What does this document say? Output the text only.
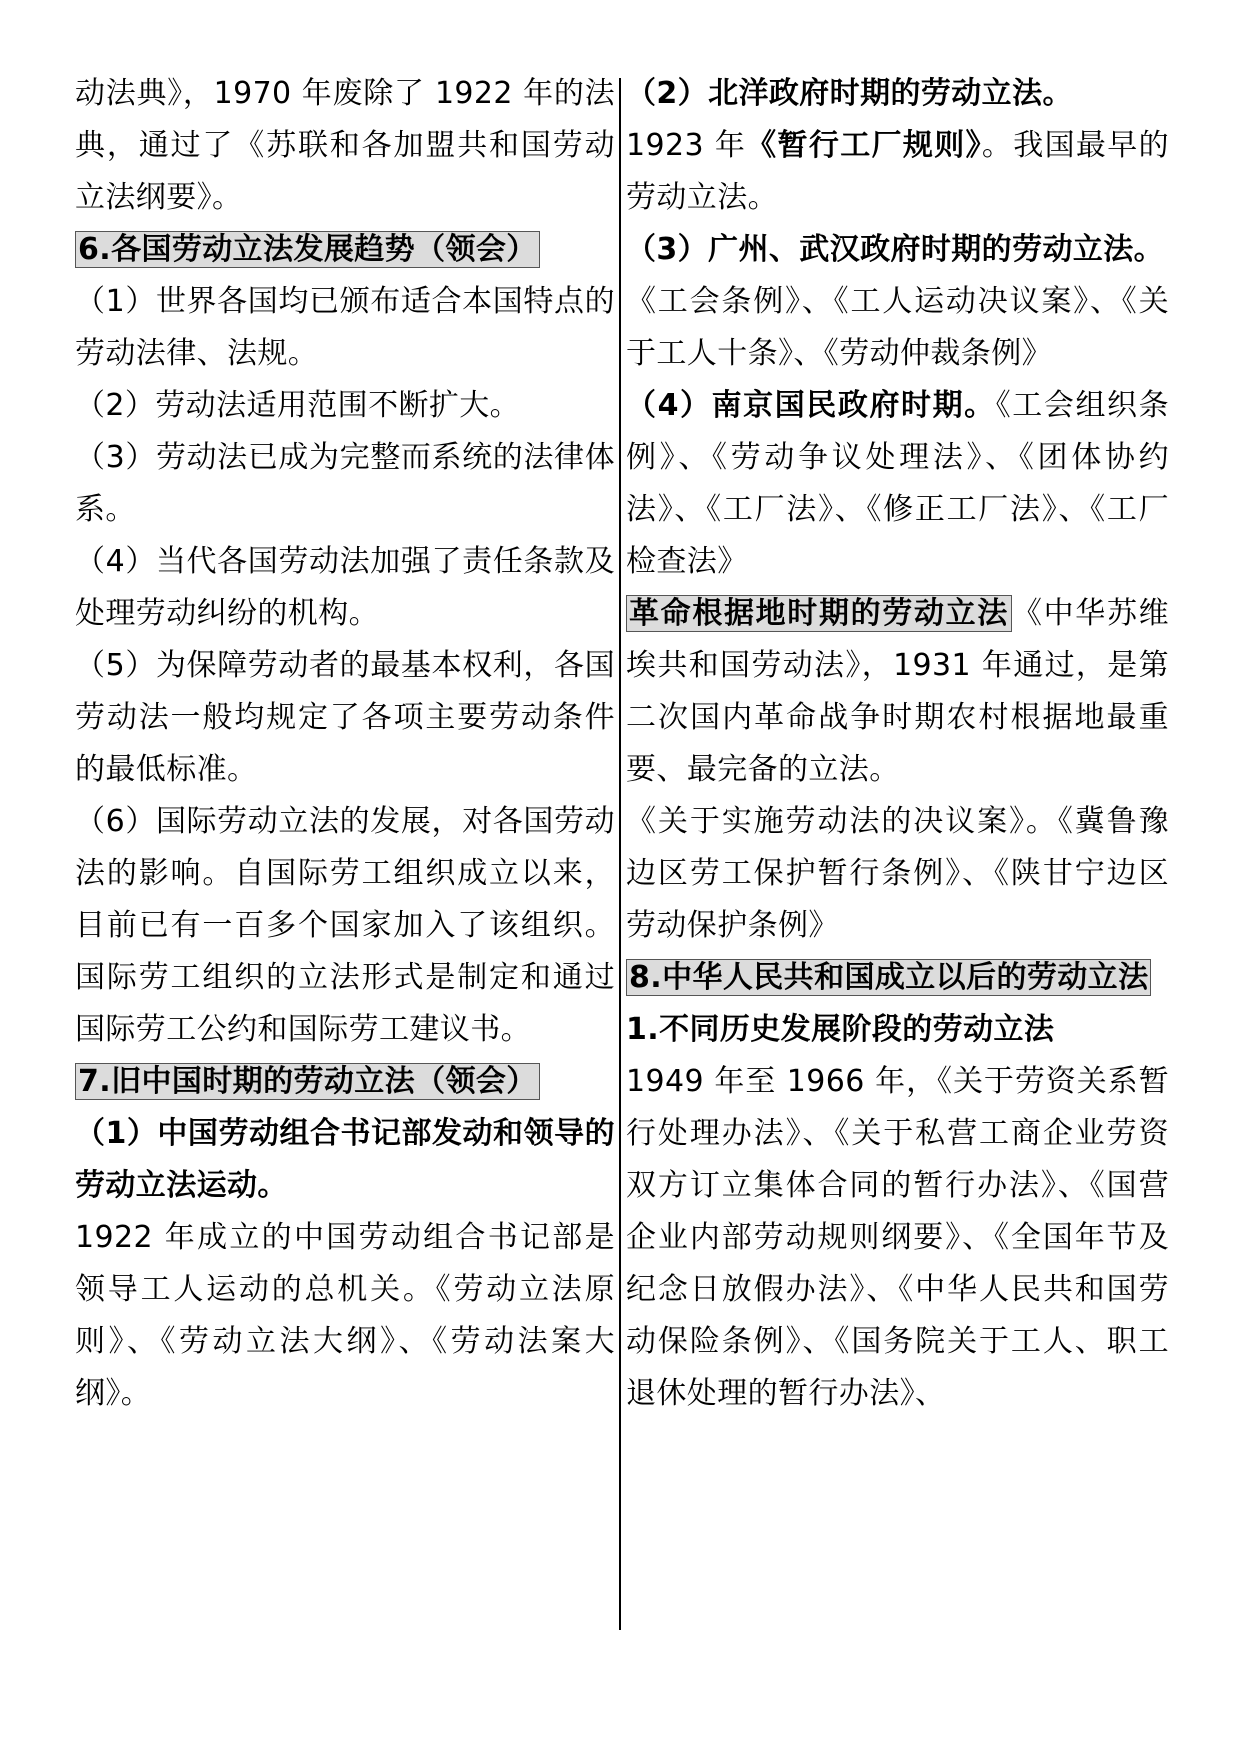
动法典》，1970 年废除了 1922 年的法典，通过了《苏联和各加盟共和国劳动立法纲要》。

6.各国劳动立法发展趋势（领会）

（1）世界各国均已颁布适合本国特点的劳动法律、法规。

（2）劳动法适用范围不断扩大。

（3）劳动法已成为完整而系统的法律体系。

（4）当代各国劳动法加强了责任条款及处理劳动纠纷的机构。

（5）为保障劳动者的最基本权利，各国劳动法一般均规定了各项主要劳动条件的最低标准。

（6）国际劳动立法的发展，对各国劳动法的影响。自国际劳工组织成立以来，目前已有一百多个国家加入了该组织。国际劳工组织的立法形式是制定和通过国际劳工公约和国际劳工建议书。

7.旧中国时期的劳动立法（领会）

（1）中国劳动组合书记部发动和领导的劳动立法运动。

1922 年成立的中国劳动组合书记部是领导工人运动的总机关。《劳动立法原则》、《劳动立法大纲》、《劳动法案大纲》。

（2）北洋政府时期的劳动立法。

1923 年《暂行工厂规则》。我国最早的劳动立法。

（3）广州、武汉政府时期的劳动立法。

《工会条例》、《工人运动决议案》、《关于工人十条》、《劳动仲裁条例》

（4）南京国民政府时期。《工会组织条例》、《劳动争议处理法》、《团体协约法》、《工厂法》、《修正工厂法》、《工厂检查法》

革命根据地时期的劳动立法 《中华苏维埃共和国劳动法》，1931 年通过，是第二次国内革命战争时期农村根据地最重要、最完备的立法。

《关于实施劳动法的决议案》。《冀鲁豫边区劳工保护暂行条例》、《陕甘宁边区劳动保护条例》

8.中华人民共和国成立以后的劳动立法

1.不同历史发展阶段的劳动立法

1949 年至 1966 年，《关于劳资关系暂行处理办法》、《关于私营工商企业劳资双方订立集体合同的暂行办法》、《国营企业内部劳动规则纲要》、《全国年节及纪念日放假办法》、《中华人民共和国劳动保险条例》、《国务院关于工人、职工退休处理的暂行办法》、
